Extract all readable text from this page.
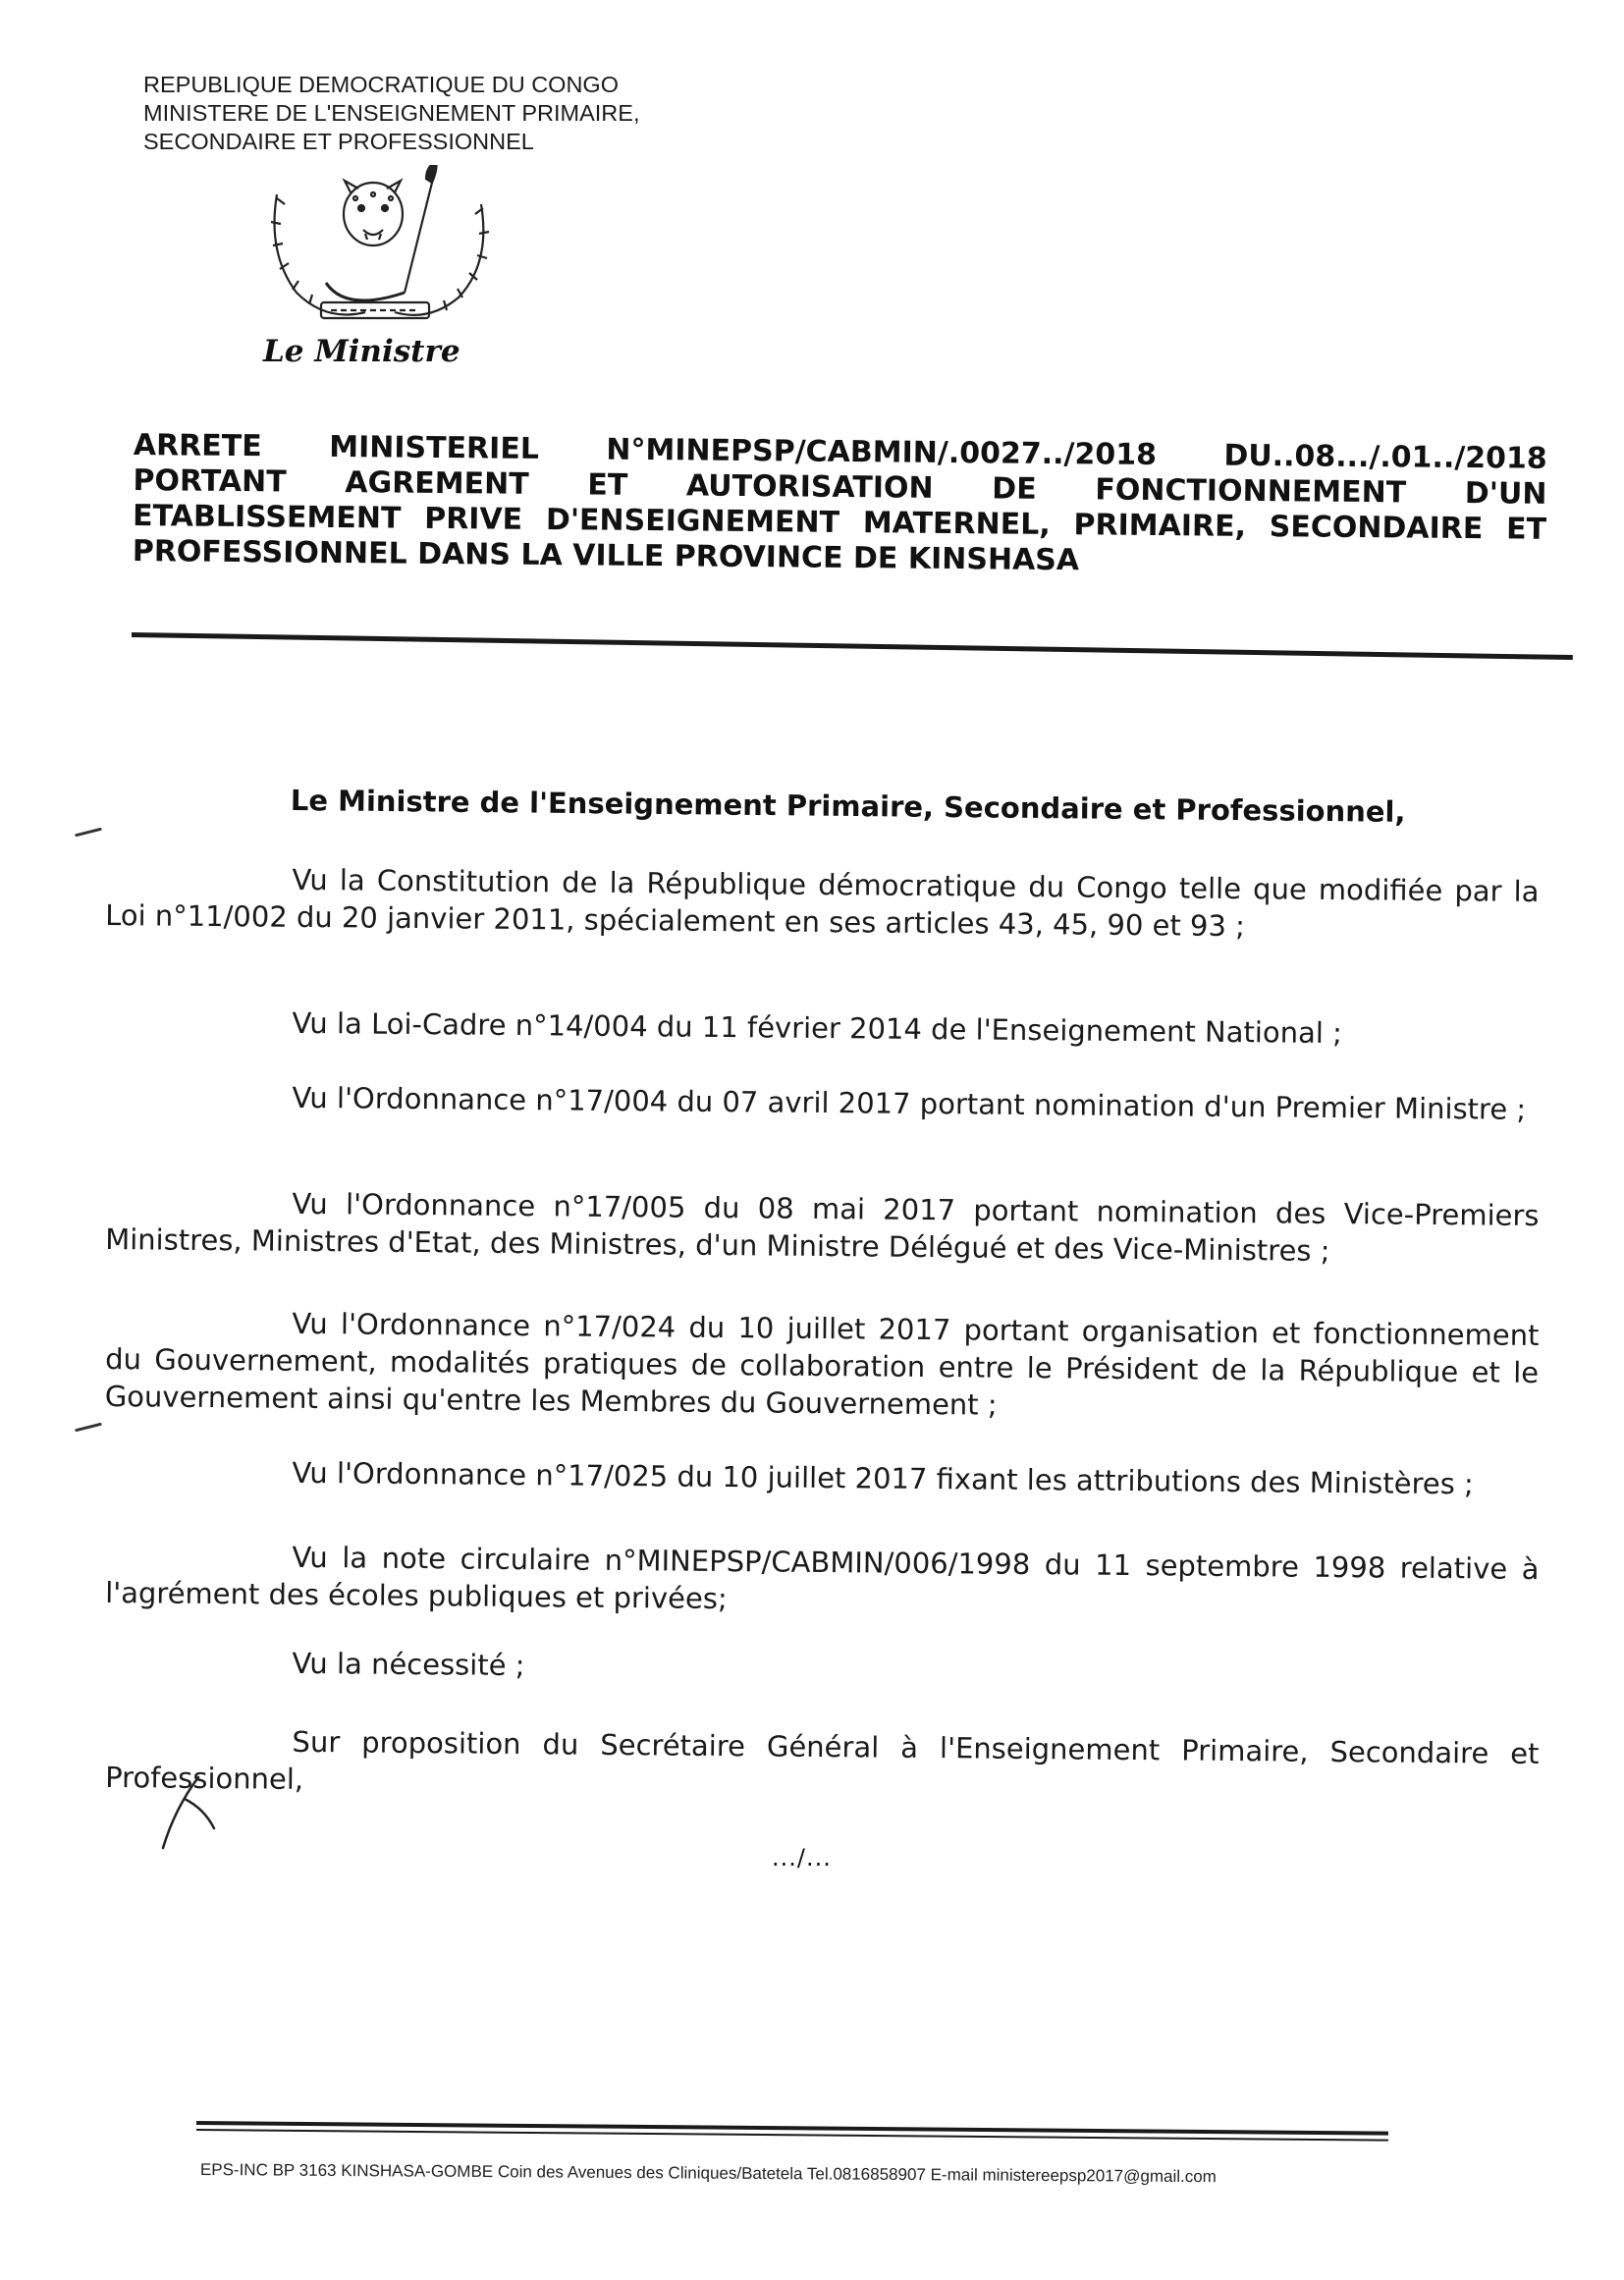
REPUBLIQUE DEMOCRATIQUE DU CONGO
MINISTERE DE L'ENSEIGNEMENT PRIMAIRE,
SECONDAIRE ET PROFESSIONNEL
Le Ministre
ARRETE MINISTERIEL N°MINEPSP/CABMIN/.0027../2018 DU..08.../.01../2018
PORTANT AGREMENT ET AUTORISATION DE FONCTIONNEMENT D'UN
ETABLISSEMENT PRIVE D'ENSEIGNEMENT MATERNEL, PRIMAIRE, SECONDAIRE ET
PROFESSIONNEL DANS LA VILLE PROVINCE DE KINSHASA
Le Ministre de l'Enseignement Primaire, Secondaire et Professionnel,

Vu la Constitution de la République démocratique du Congo telle que modifiée par la Loi n°11/002 du 20 janvier 2011, spécialement en ses articles 43, 45, 90 et 93 ;

Vu la Loi-Cadre n°14/004 du 11 février 2014 de l'Enseignement National ;

Vu l'Ordonnance n°17/004 du 07 avril 2017 portant nomination d'un Premier Ministre ;

Vu l'Ordonnance n°17/005 du 08 mai 2017 portant nomination des Vice-Premiers Ministres, Ministres d'Etat, des Ministres, d'un Ministre Délégué et des Vice-Ministres ;

Vu l'Ordonnance n°17/024 du 10 juillet 2017 portant organisation et fonctionnement du Gouvernement, modalités pratiques de collaboration entre le Président de la République et le Gouvernement ainsi qu'entre les Membres du Gouvernement ;

Vu l'Ordonnance n°17/025 du 10 juillet 2017 fixant les attributions des Ministères ;

Vu la note circulaire n°MINEPSP/CABMIN/006/1998 du 11 septembre 1998 relative à l'agrément des écoles publiques et privées;

Vu la nécessité ;

Sur proposition du Secrétaire Général à l'Enseignement Primaire, Secondaire et Professionnel,

.../...
EPS-INC BP 3163 KINSHASA-GOMBE Coin des Avenues des Cliniques/Batetela Tel.0816858907 E-mail ministereepsp2017@gmail.com
